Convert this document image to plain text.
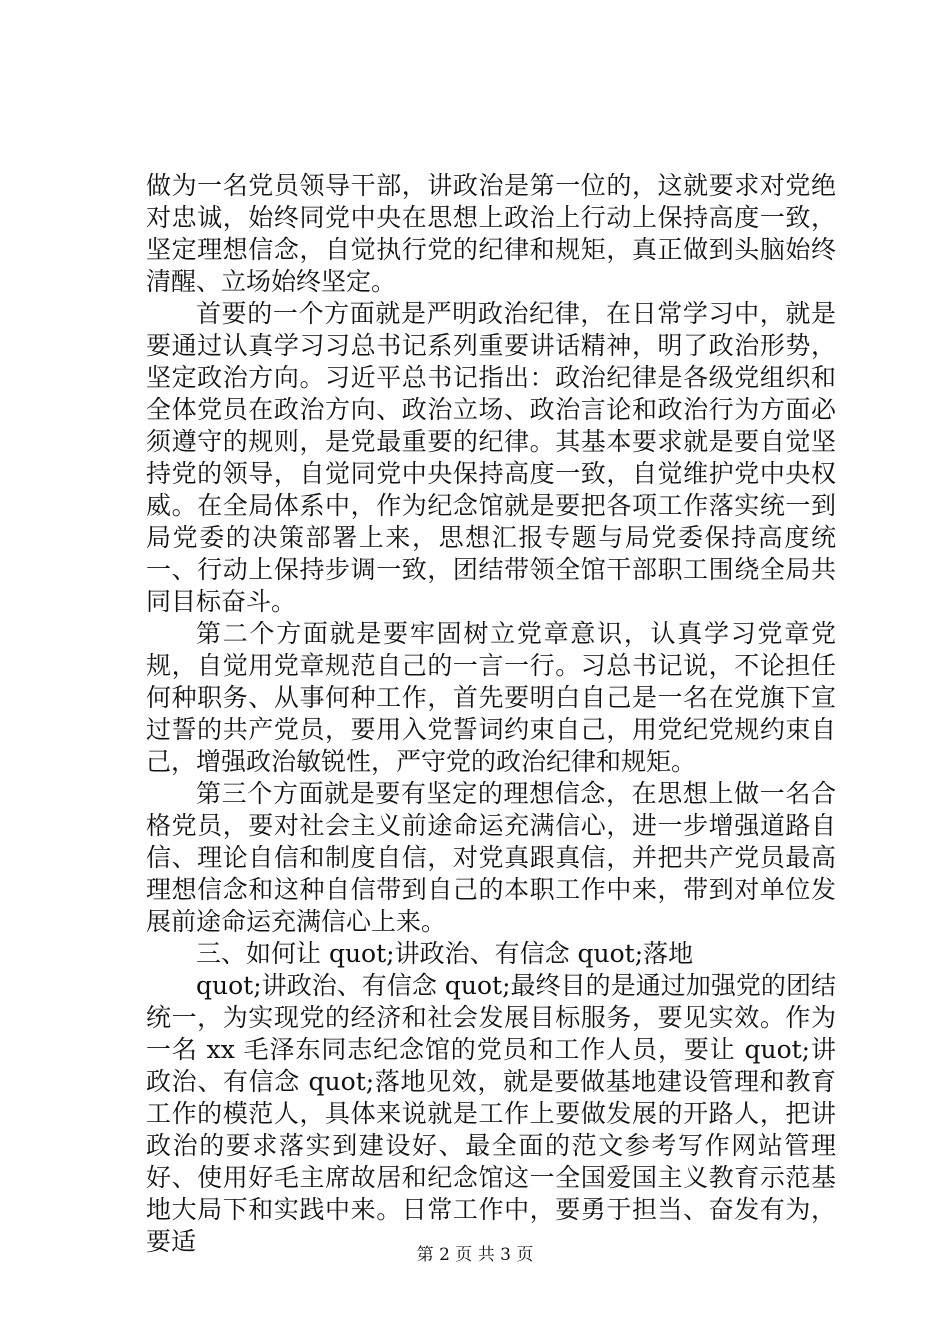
做为一名党员领导干部，讲政治是第一位的，这就要求对党绝对忠诚，始终同党中央在思想上政治上行动上保持高度一致，坚定理想信念，自觉执行党的纪律和规矩，真正做到头脑始终清醒、立场始终坚定。

首要的一个方面就是严明政治纪律，在日常学习中，就是要通过认真学习习总书记系列重要讲话精神，明了政治形势，坚定政治方向。习近平总书记指出：政治纪律是各级党组织和全体党员在政治方向、政治立场、政治言论和政治行为方面必须遵守的规则，是党最重要的纪律。其基本要求就是要自觉坚持党的领导，自觉同党中央保持高度一致，自觉维护党中央权威。在全局体系中，作为纪念馆就是要把各项工作落实统一到局党委的决策部署上来，思想汇报专题与局党委保持高度统一、行动上保持步调一致，团结带领全馆干部职工围绕全局共同目标奋斗。

第二个方面就是要牢固树立党章意识，认真学习党章党规，自觉用党章规范自己的一言一行。习总书记说，不论担任何种职务、从事何种工作，首先要明白自己是一名在党旗下宣过誓的共产党员，要用入党誓词约束自己，用党纪党规约束自己，增强政治敏锐性，严守党的政治纪律和规矩。

第三个方面就是要有坚定的理想信念，在思想上做一名合格党员，要对社会主义前途命运充满信心，进一步增强道路自信、理论自信和制度自信，对党真跟真信，并把共产党员最高理想信念和这种自信带到自己的本职工作中来，带到对单位发展前途命运充满信心上来。

三、如何让 quot;讲政治、有信念 quot;落地

quot;讲政治、有信念 quot;最终目的是通过加强党的团结统一，为实现党的经济和社会发展目标服务，要见实效。作为一名 xx 毛泽东同志纪念馆的党员和工作人员，要让 quot;讲政治、有信念 quot;落地见效，就是要做基地建设管理和教育工作的模范人，具体来说就是工作上要做发展的开路人，把讲政治的要求落实到建设好、最全面的范文参考写作网站管理好、使用好毛主席故居和纪念馆这一全国爱国主义教育示范基地大局下和实践中来。日常工作中，要勇于担当、奋发有为，要适	第 2 页 共 3 页
